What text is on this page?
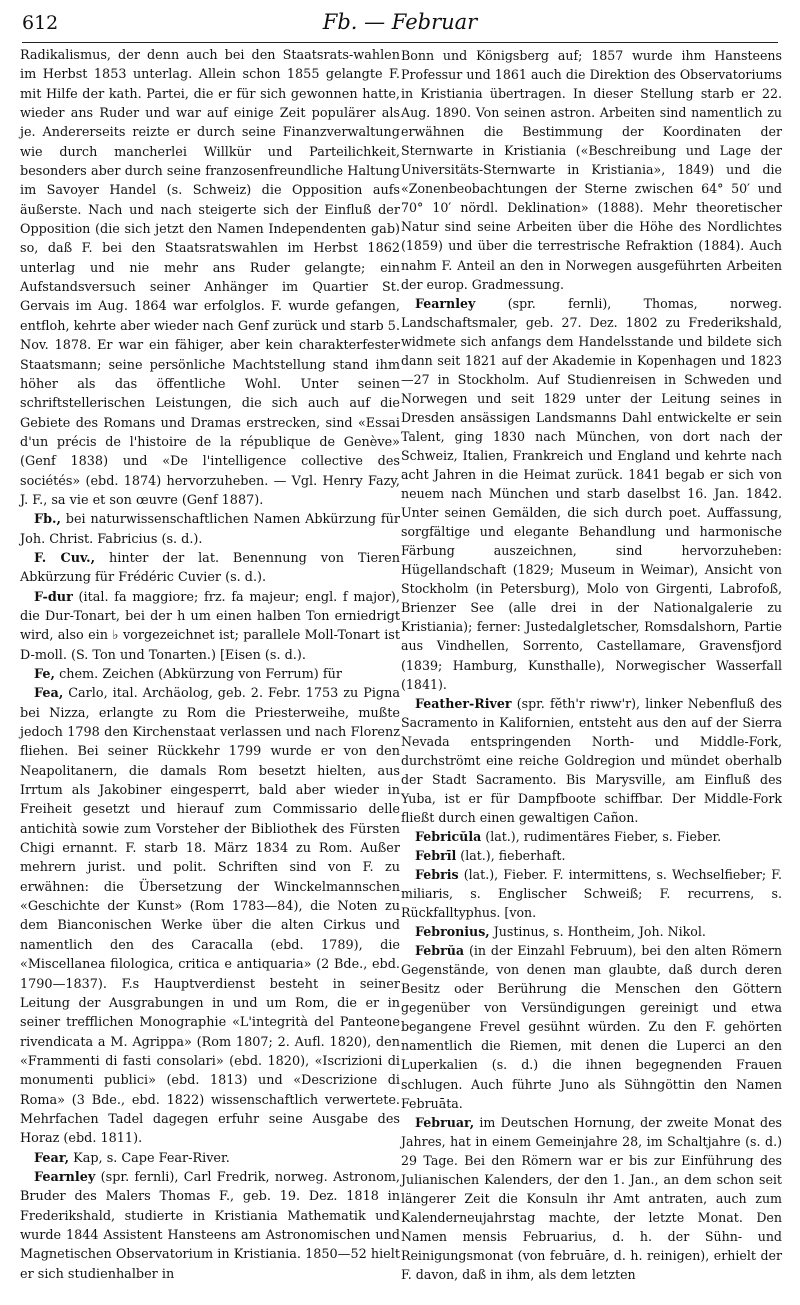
612	Fb. — Februar

Radikalismus, der denn auch bei den Staatsrats-wahlen im Herbst 1853 unterlag. Allein schon 1855 gelangte F. mit Hilfe der kath. Partei, die er für sich gewonnen hatte, wieder ans Ruder und war auf einige Zeit populärer als je. Andererseits reizte er durch seine Finanzverwaltung wie durch mancherlei Willkür und Parteilichkeit, besonders aber durch seine franzosenfreundliche Haltung im Savoyer Handel (s. Schweiz) die Opposition aufs äußerste. Nach und nach steigerte sich der Einfluß der Opposition (die sich jetzt den Namen Independenten gab) so, daß F. bei den Staatsratswahlen im Herbst 1862 unterlag und nie mehr ans Ruder gelangte; ein Aufstandsversuch seiner Anhänger im Quartier St. Gervais im Aug. 1864 war erfolglos. F. wurde gefangen, entfloh, kehrte aber wieder nach Genf zurück und starb 5. Nov. 1878. Er war ein fähiger, aber kein charakterfester Staatsmann; seine persönliche Machtstellung stand ihm höher als das öffentliche Wohl. Unter seinen schriftstellerischen Leistungen, die sich auch auf die Gebiete des Romans und Dramas erstrecken, sind «Essai d'un précis de l'histoire de la république de Genève» (Genf 1838) und «De l'intelligence collective des sociétés» (ebd. 1874) hervorzuheben. — Vgl. Henry Fazy, J. F., sa vie et son œuvre (Genf 1887).

Fb., bei naturwissenschaftlichen Namen Abkürzung für Joh. Christ. Fabricius (s. d.).

F. Cuv., hinter der lat. Benennung von Tieren Abkürzung für Frédéric Cuvier (s. d.).

F-dur (ital. fa maggiore; frz. fa majeur; engl. f major), die Dur-Tonart, bei der h um einen halben Ton erniedrigt wird, also ein ♭ vorgezeichnet ist; parallele Moll-Tonart ist D-moll. (S. Ton und Tonarten.) [Eisen (s. d.).

Fe, chem. Zeichen (Abkürzung von Ferrum) für

Fea, Carlo, ital. Archäolog, geb. 2. Febr. 1753 zu Pigna bei Nizza, erlangte zu Rom die Priesterweihe, mußte jedoch 1798 den Kirchenstaat verlassen und nach Florenz fliehen. Bei seiner Rückkehr 1799 wurde er von den Neapolitanern, die damals Rom besetzt hielten, aus Irrtum als Jakobiner eingesperrt, bald aber wieder in Freiheit gesetzt und hierauf zum Commissario delle antichità sowie zum Vorsteher der Bibliothek des Fürsten Chigi ernannt. F. starb 18. März 1834 zu Rom. Außer mehrern jurist. und polit. Schriften sind von F. zu erwähnen: die Übersetzung der Winckelmannschen «Geschichte der Kunst» (Rom 1783—84), die Noten zu dem Bianconischen Werke über die alten Cirkus und namentlich den des Caracalla (ebd. 1789), die «Miscellanea filologica, critica e antiquaria» (2 Bde., ebd. 1790—1837). F.s Hauptverdienst besteht in seiner Leitung der Ausgrabungen in und um Rom, die er in seiner trefflichen Monographie «L'integrità del Panteone rivendicata a M. Agrippa» (Rom 1807; 2. Aufl. 1820), den «Frammenti di fasti consolari» (ebd. 1820), «Iscrizioni di monumenti publici» (ebd. 1813) und «Descrizione di Roma» (3 Bde., ebd. 1822) wissenschaftlich verwertete. Mehrfachen Tadel dagegen erfuhr seine Ausgabe des Horaz (ebd. 1811).

Fear, Kap, s. Cape Fear-River.

Fearnley (spr. fernli), Carl Fredrik, norweg. Astronom, Bruder des Malers Thomas F., geb. 19. Dez. 1818 in Frederikshald, studierte in Kristiania Mathematik und wurde 1844 Assistent Hansteens am Astronomischen und Magnetischen Observatorium in Kristiania. 1850—52 hielt er sich studienhalber in

Bonn und Königsberg auf; 1857 wurde ihm Hansteens Professur und 1861 auch die Direktion des Observatoriums in Kristiania übertragen. In dieser Stellung starb er 22. Aug. 1890. Von seinen astron. Arbeiten sind namentlich zu erwähnen die Bestimmung der Koordinaten der Sternwarte in Kristiania («Beschreibung und Lage der Universitäts-Sternwarte in Kristiania», 1849) und die «Zonenbeobachtungen der Sterne zwischen 64° 50′ und 70° 10′ nördl. Deklination» (1888). Mehr theoretischer Natur sind seine Arbeiten über die Höhe des Nordlichtes (1859) und über die terrestrische Refraktion (1884). Auch nahm F. Anteil an den in Norwegen ausgeführten Arbeiten der europ. Gradmessung.

Fearnley	(spr. fernli), Thomas, norweg. Landschaftsmaler, geb. 27. Dez. 1802 zu Frederikshald, widmete sich anfangs dem Handelsstande und bildete sich dann seit 1821 auf der Akademie in Kopenhagen und 1823—27 in Stockholm. Auf Studienreisen in Schweden und Norwegen und seit 1829 unter der Leitung seines in Dresden ansässigen Landsmanns Dahl entwickelte er sein Talent, ging 1830 nach München, von dort nach der Schweiz, Italien, Frankreich und England und kehrte nach acht Jahren in die Heimat zurück. 1841 begab er sich von neuem nach München und starb daselbst 16. Jan. 1842. Unter seinen Gemälden, die sich durch poet. Auffassung, sorgfältige und elegante Behandlung und harmonische Färbung auszeichnen, sind hervorzuheben: Hügellandschaft (1829; Museum in Weimar), Ansicht von Stockholm (in Petersburg), Molo von Girgenti, Labrofoß, Brienzer See (alle drei in der Nationalgalerie zu Kristiania); ferner: Justedalgletscher, Romsdalshorn, Partie aus Vindhellen, Sorrento, Castellamare, Gravensfjord (1839; Hamburg, Kunsthalle), Norwegischer Wasserfall (1841).

Feather-River (spr. fĕth'r riww'r), linker Nebenfluß des Sacramento in Kalifornien, entsteht aus den auf der Sierra Nevada entspringenden North- und Middle-Fork, durchströmt eine reiche Goldregion und mündet oberhalb der Stadt Sacramento. Bis Marysville, am Einfluß des Yuba, ist er für Dampfboote schiffbar. Der Middle-Fork fließt durch einen gewaltigen Cañon.

Febricŭla (lat.), rudimentäres Fieber, s. Fieber.

Febrīl (lat.), fieberhaft.

Febris (lat.), Fieber. F. intermittens, s. Wechselfieber; F. miliaris, s. Englischer Schweiß; F. recurrens, s. Rückfalltyphus. [von.

Febronius, Justinus, s. Hontheim, Joh. Nikol.

Febrŭa (in der Einzahl Februum), bei den alten Römern Gegenstände, von denen man glaubte, daß durch deren Besitz oder Berührung die Menschen den Göttern gegenüber von Versündigungen gereinigt und etwa begangene Frevel gesühnt würden. Zu den F. gehörten namentlich die Riemen, mit denen die Luperci an den Luperkalien (s. d.) die ihnen begegnenden Frauen schlugen. Auch führte Juno als Sühngöttin den Namen Februāta.

Februar, im Deutschen Hornung, der zweite Monat des Jahres, hat in einem Gemeinjahre 28, im Schaltjahre (s. d.) 29 Tage. Bei den Römern war er bis zur Einführung des Julianischen Kalenders, der den 1. Jan., an dem schon seit längerer Zeit die Konsuln ihr Amt antraten, auch zum Kalenderneujahrstag machte, der letzte Monat. Den Namen mensis Februarius, d. h. der Sühn- und Reinigungsmonat (von februāre, d. h. reinigen), erhielt der F. davon, daß in ihm, als dem letzten
